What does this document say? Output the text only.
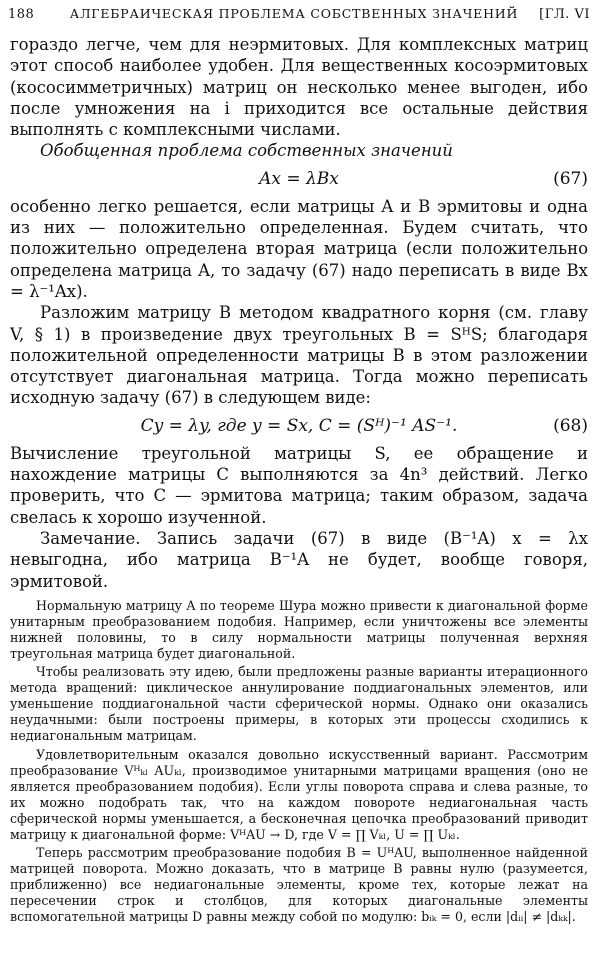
188	АЛГЕБРАИЧЕСКАЯ ПРОБЛЕМА СОБСТВЕННЫХ ЗНАЧЕНИЙ	[ГЛ. VI

гораздо легче, чем для неэрмитовых. Для комплексных матриц этот способ наиболее удобен. Для вещественных косоэрмитовых (кососимметричных) матриц он несколько менее выгоден, ибо после умножения на i приходится все остальные действия выполнять с комплексными числами.

Обобщенная проблема собственных значений

Ax = λBx	(67)

особенно легко решается, если матрицы A и B эрмитовы и одна из них — положительно определенная. Будем считать, что положительно определена вторая матрица (если положительно определена матрица A, то задачу (67) надо переписать в виде Bx = λ⁻¹Ax).

Разложим матрицу B методом квадратного корня (см. главу V, § 1) в произведение двух треугольных B = SᴴS; благодаря положительной определенности матрицы B в этом разложении отсутствует диагональная матрица. Тогда можно переписать исходную задачу (67) в следующем виде:

Cy = λy, где y = Sx, C = (Sᴴ)⁻¹ AS⁻¹.	(68)

Вычисление треугольной матрицы S, ее обращение и нахождение матрицы C выполняются за 4n³ действий. Легко проверить, что C — эрмитова матрица; таким образом, задача свелась к хорошо изученной.

Замечание. Запись задачи (67) в виде (B⁻¹A) x = λx невыгодна, ибо матрица B⁻¹A не будет, вообще говоря, эрмитовой.

Нормальную матрицу A по теореме Шура можно привести к диагональной форме унитарным преобразованием подобия. Например, если уничтожены все элементы нижней половины, то в силу нормальности матрицы полученная верхняя треугольная матрица будет диагональной.

Чтобы реализовать эту идею, были предложены разные варианты итерационного метода вращений: циклическое аннулирование поддиагональных элементов, или уменьшение поддиагональной части сферической нормы. Однако они оказались неудачными: были построены примеры, в которых эти процессы сходились к недиагональным матрицам.

Удовлетворительным оказался довольно искусственный вариант. Рассмотрим преобразование Vᴴₖₗ AUₖₗ, производимое унитарными матрицами вращения (оно не является преобразованием подобия). Если углы поворота справа и слева разные, то их можно подобрать так, что на каждом повороте недиагональная часть сферической нормы уменьшается, а бесконечная цепочка преобразований приводит матрицу к диагональной форме: VᴴAU → D, где V = ∏ Vₖₗ, U = ∏ Uₖₗ.

Теперь рассмотрим преобразование подобия B = UᴴAU, выполненное найденной матрицей поворота. Можно доказать, что в матрице B равны нулю (разумеется, приближенно) все недиагональные элементы, кроме тех, которые лежат на пересечении строк и столбцов, для которых диагональные элементы вспомогательной матрицы D равны между собой по модулю: bᵢₖ = 0, если |dᵢᵢ| ≠ |dₖₖ|.
